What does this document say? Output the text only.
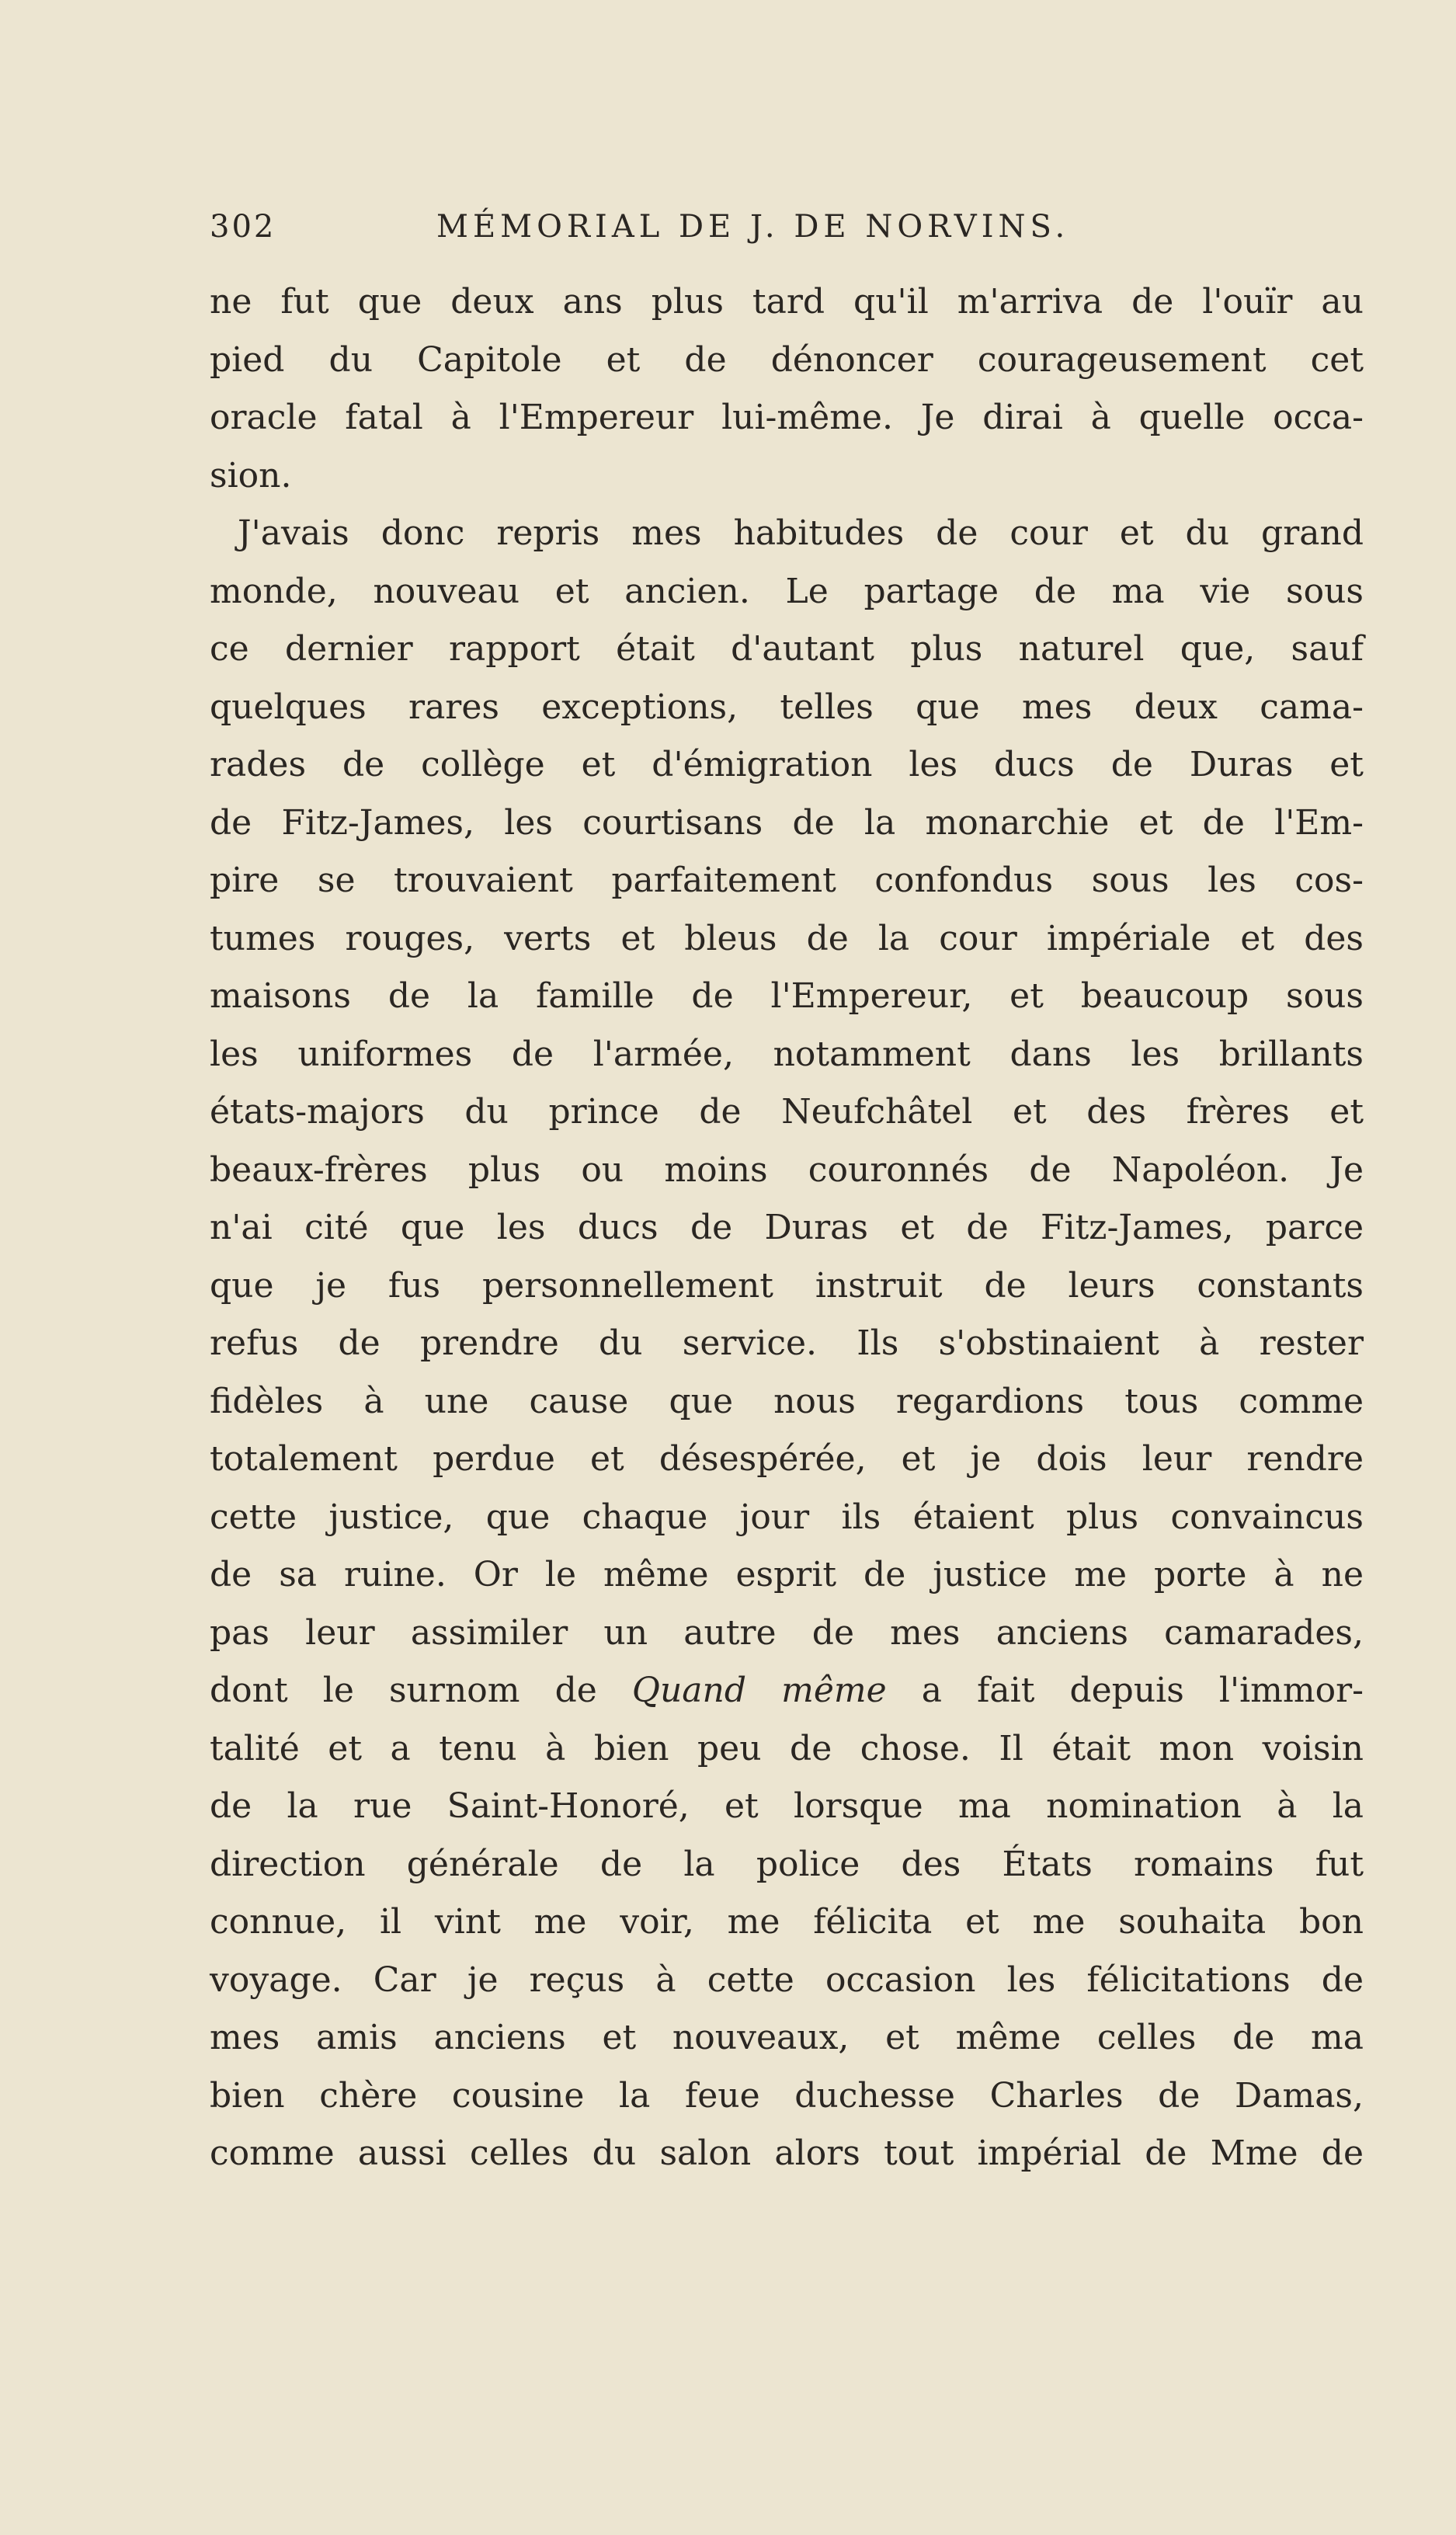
302	MÉMORIAL DE J. DE NORVINS.
ne fut que deux ans plus tard qu'il m'arriva de l'ouïr au
pied du Capitole et de dénoncer courageusement cet
oracle fatal à l'Empereur lui-même. Je dirai à quelle occa-
sion.
J'avais donc repris mes habitudes de cour et du grand
monde, nouveau et ancien. Le partage de ma vie sous
ce dernier rapport était d'autant plus naturel que, sauf
quelques rares exceptions, telles que mes deux cama-
rades de collège et d'émigration les ducs de Duras et
de Fitz-James, les courtisans de la monarchie et de l'Em-
pire se trouvaient parfaitement confondus sous les cos-
tumes rouges, verts et bleus de la cour impériale et des
maisons de la famille de l'Empereur, et beaucoup sous
les uniformes de l'armée, notamment dans les brillants
états-majors du prince de Neufchâtel et des frères et
beaux-frères plus ou moins couronnés de Napoléon. Je
n'ai cité que les ducs de Duras et de Fitz-James, parce
que je fus personnellement instruit de leurs constants
refus de prendre du service. Ils s'obstinaient à rester
fidèles à une cause que nous regardions tous comme
totalement perdue et désespérée, et je dois leur rendre
cette justice, que chaque jour ils étaient plus convaincus
de sa ruine. Or le même esprit de justice me porte à ne
pas leur assimiler un autre de mes anciens camarades,
dont le surnom de Quand même a fait depuis l'immor-
talité et a tenu à bien peu de chose. Il était mon voisin
de la rue Saint-Honoré, et lorsque ma nomination à la
direction générale de la police des États romains fut
connue, il vint me voir, me félicita et me souhaita bon
voyage. Car je reçus à cette occasion les félicitations de
mes amis anciens et nouveaux, et même celles de ma
bien chère cousine la feue duchesse Charles de Damas,
comme aussi celles du salon alors tout impérial de Mme de
